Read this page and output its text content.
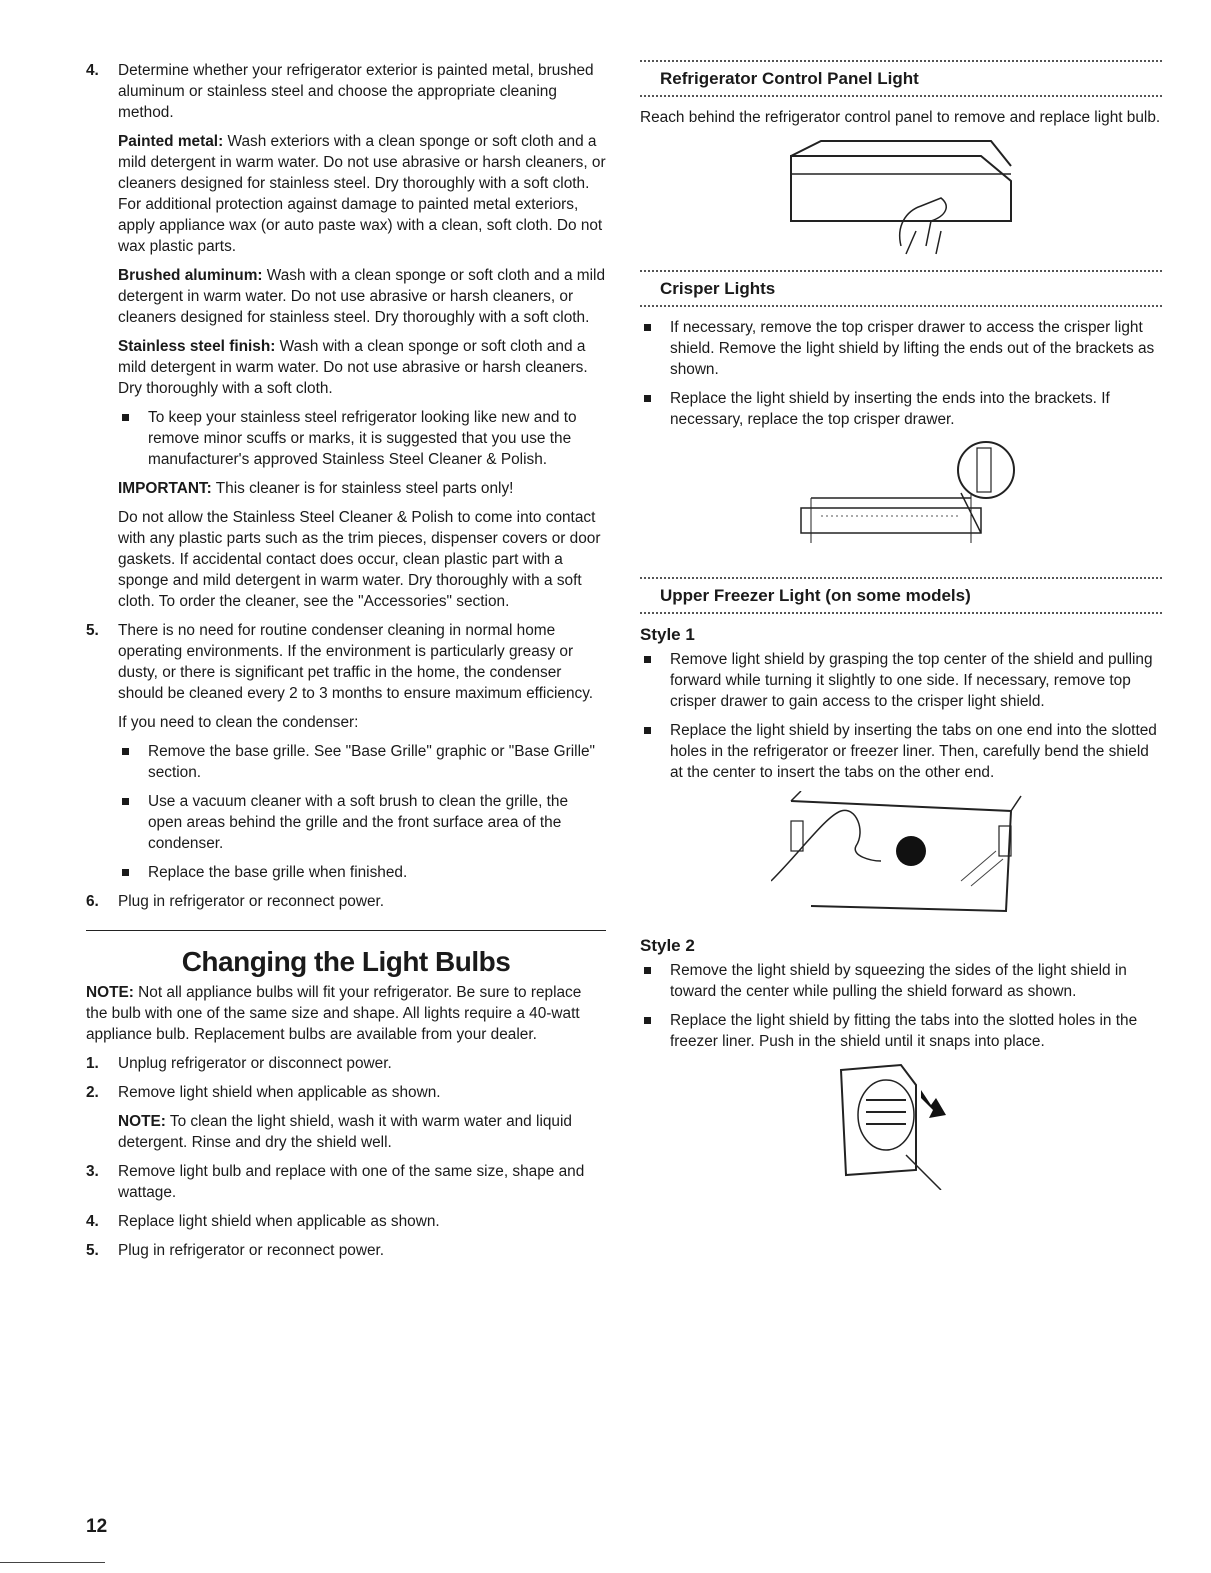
4. Determine whether your refrigerator exterior is painted metal, brushed aluminum or stainless steel and choose the appropriate cleaning method.

Painted metal: Wash exteriors with a clean sponge or soft cloth and a mild detergent in warm water. Do not use abrasive or harsh cleaners, or cleaners designed for stainless steel. Dry thoroughly with a soft cloth. For additional protection against damage to painted metal exteriors, apply appliance wax (or auto paste wax) with a clean, soft cloth. Do not wax plastic parts.

Brushed aluminum: Wash with a clean sponge or soft cloth and a mild detergent in warm water. Do not use abrasive or harsh cleaners, or cleaners designed for stainless steel. Dry thoroughly with a soft cloth.

Stainless steel finish: Wash with a clean sponge or soft cloth and a mild detergent in warm water. Do not use abrasive or harsh cleaners. Dry thoroughly with a soft cloth.

To keep your stainless steel refrigerator looking like new and to remove minor scuffs or marks, it is suggested that you use the manufacturer's approved Stainless Steel Cleaner & Polish.

IMPORTANT: This cleaner is for stainless steel parts only!

Do not allow the Stainless Steel Cleaner & Polish to come into contact with any plastic parts such as the trim pieces, dispenser covers or door gaskets. If accidental contact does occur, clean plastic part with a sponge and mild detergent in warm water. Dry thoroughly with a soft cloth. To order the cleaner, see the "Accessories" section.

5. There is no need for routine condenser cleaning in normal home operating environments. If the environment is particularly greasy or dusty, or there is significant pet traffic in the home, the condenser should be cleaned every 2 to 3 months to ensure maximum efficiency.

If you need to clean the condenser:

Remove the base grille. See "Base Grille" graphic or "Base Grille" section.
Use a vacuum cleaner with a soft brush to clean the grille, the open areas behind the grille and the front surface area of the condenser.
Replace the base grille when finished.
6. Plug in refrigerator or reconnect power.

Changing the Light Bulbs

NOTE: Not all appliance bulbs will fit your refrigerator. Be sure to replace the bulb with one of the same size and shape. All lights require a 40-watt appliance bulb. Replacement bulbs are available from your dealer.

1. Unplug refrigerator or disconnect power.

2. Remove light shield when applicable as shown.

NOTE: To clean the light shield, wash it with warm water and liquid detergent. Rinse and dry the shield well.

3. Remove light bulb and replace with one of the same size, shape and wattage.

4. Replace light shield when applicable as shown.

5. Plug in refrigerator or reconnect power.

Refrigerator Control Panel Light

Reach behind the refrigerator control panel to remove and replace light bulb.

Crisper Lights
If necessary, remove the top crisper drawer to access the crisper light shield. Remove the light shield by lifting the ends out of the brackets as shown.
Replace the light shield by inserting the ends into the brackets. If necessary, replace the top crisper drawer.
Upper Freezer Light (on some models)
Style 1
Remove light shield by grasping the top center of the shield and pulling forward while turning it slightly to one side. If necessary, remove top crisper drawer to gain access to the crisper light shield.
Replace the light shield by inserting the tabs on one end into the slotted holes in the refrigerator or freezer liner. Then, carefully bend the shield at the center to insert the tabs on the other end.
Style 2
Remove the light shield by squeezing the sides of the light shield in toward the center while pulling the shield forward as shown.
Replace the light shield by fitting the tabs into the slotted holes in the freezer liner. Push in the shield until it snaps into place.
12
